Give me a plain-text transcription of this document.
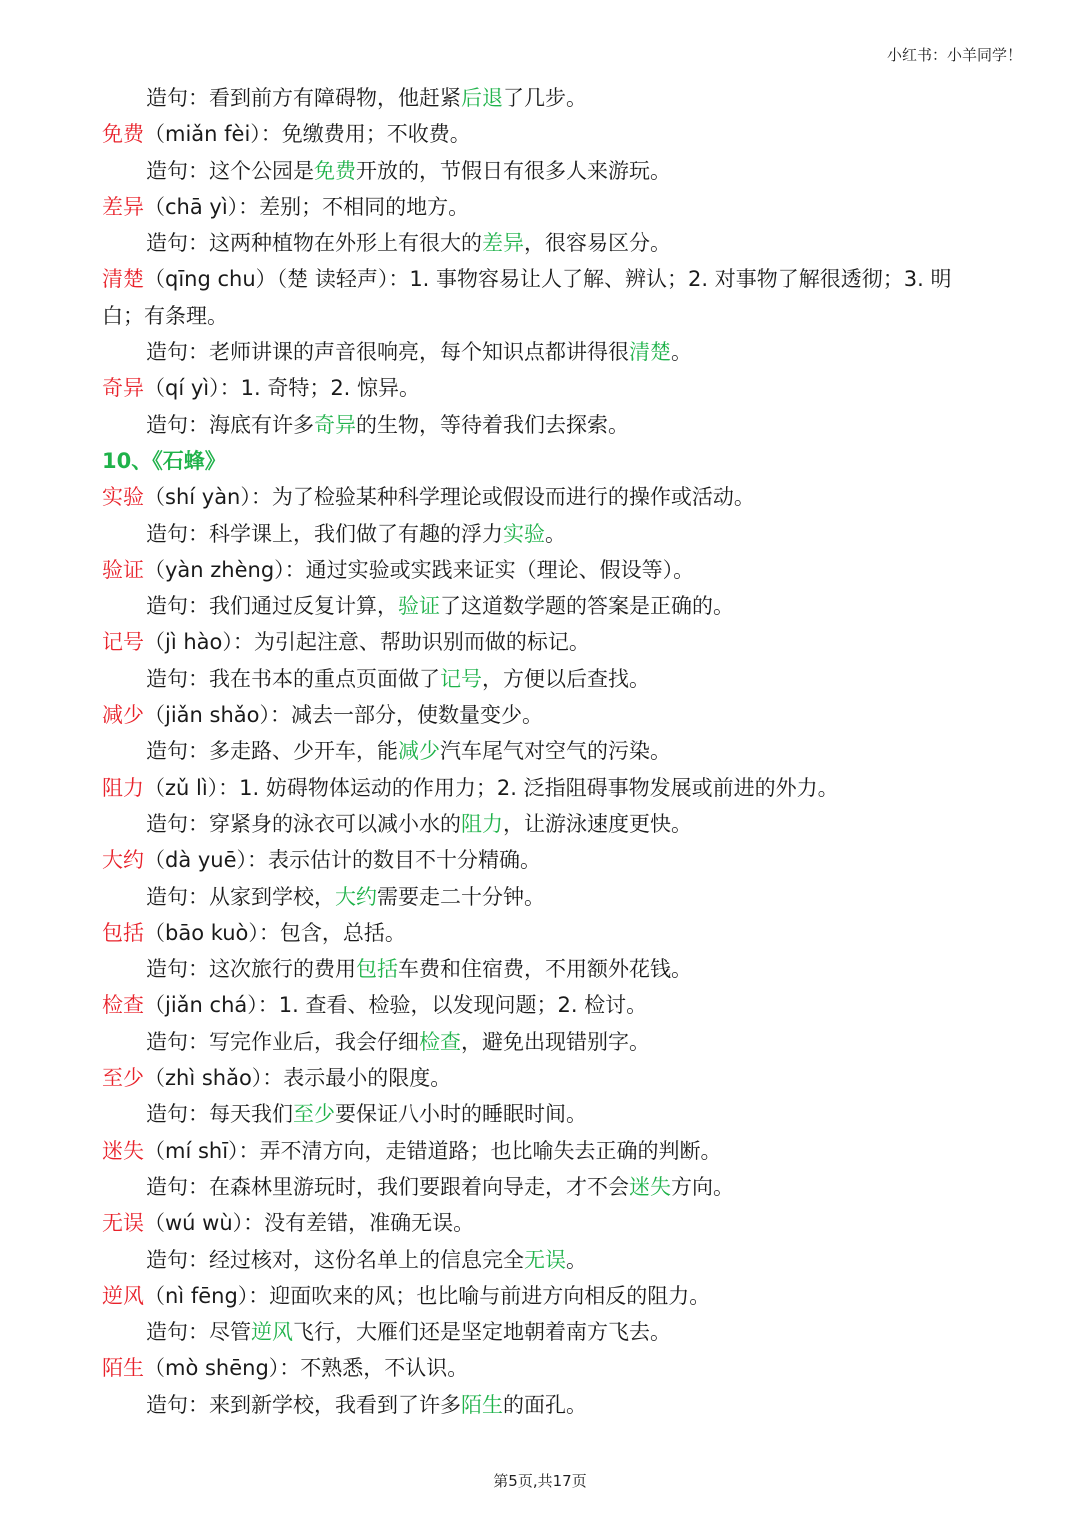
小红书：小羊同学！
造句：看到前方有障碍物，他赶紧后退了几步。
免费（miǎn fèi）：免缴费用；不收费。
造句：这个公园是免费开放的，节假日有很多人来游玩。
差异（chā yì）：差别；不相同的地方。
造句：这两种植物在外形上有很大的差异，很容易区分。
清楚（qīng chu）（楚 读轻声）：1. 事物容易让人了解、辨认；2. 对事物了解很透彻；3. 明
白；有条理。
造句：老师讲课的声音很响亮，每个知识点都讲得很清楚。
奇异（qí yì）：1. 奇特；2. 惊异。
造句：海底有许多奇异的生物，等待着我们去探索。
10、《石蜂》
实验（shí yàn）：为了检验某种科学理论或假设而进行的操作或活动。
造句：科学课上，我们做了有趣的浮力实验。
验证（yàn zhèng）：通过实验或实践来证实（理论、假设等）。
造句：我们通过反复计算，验证了这道数学题的答案是正确的。
记号（jì hào）：为引起注意、帮助识别而做的标记。
造句：我在书本的重点页面做了记号，方便以后查找。
减少（jiǎn shǎo）：减去一部分，使数量变少。
造句：多走路、少开车，能减少汽车尾气对空气的污染。
阻力（zǔ lì）：1. 妨碍物体运动的作用力；2. 泛指阻碍事物发展或前进的外力。
造句：穿紧身的泳衣可以减小水的阻力，让游泳速度更快。
大约（dà yuē）：表示估计的数目不十分精确。
造句：从家到学校，大约需要走二十分钟。
包括（bāo kuò）：包含，总括。
造句：这次旅行的费用包括车费和住宿费，不用额外花钱。
检查（jiǎn chá）：1. 查看、检验，以发现问题；2. 检讨。
造句：写完作业后，我会仔细检查，避免出现错别字。
至少（zhì shǎo）：表示最小的限度。
造句：每天我们至少要保证八小时的睡眠时间。
迷失（mí shī）：弄不清方向，走错道路；也比喻失去正确的判断。
造句：在森林里游玩时，我们要跟着向导走，才不会迷失方向。
无误（wú wù）：没有差错，准确无误。
造句：经过核对，这份名单上的信息完全无误。
逆风（nì fēng）：迎面吹来的风；也比喻与前进方向相反的阻力。
造句：尽管逆风飞行，大雁们还是坚定地朝着南方飞去。
陌生（mò shēng）：不熟悉，不认识。
造句：来到新学校，我看到了许多陌生的面孔。
第5页,共17页
